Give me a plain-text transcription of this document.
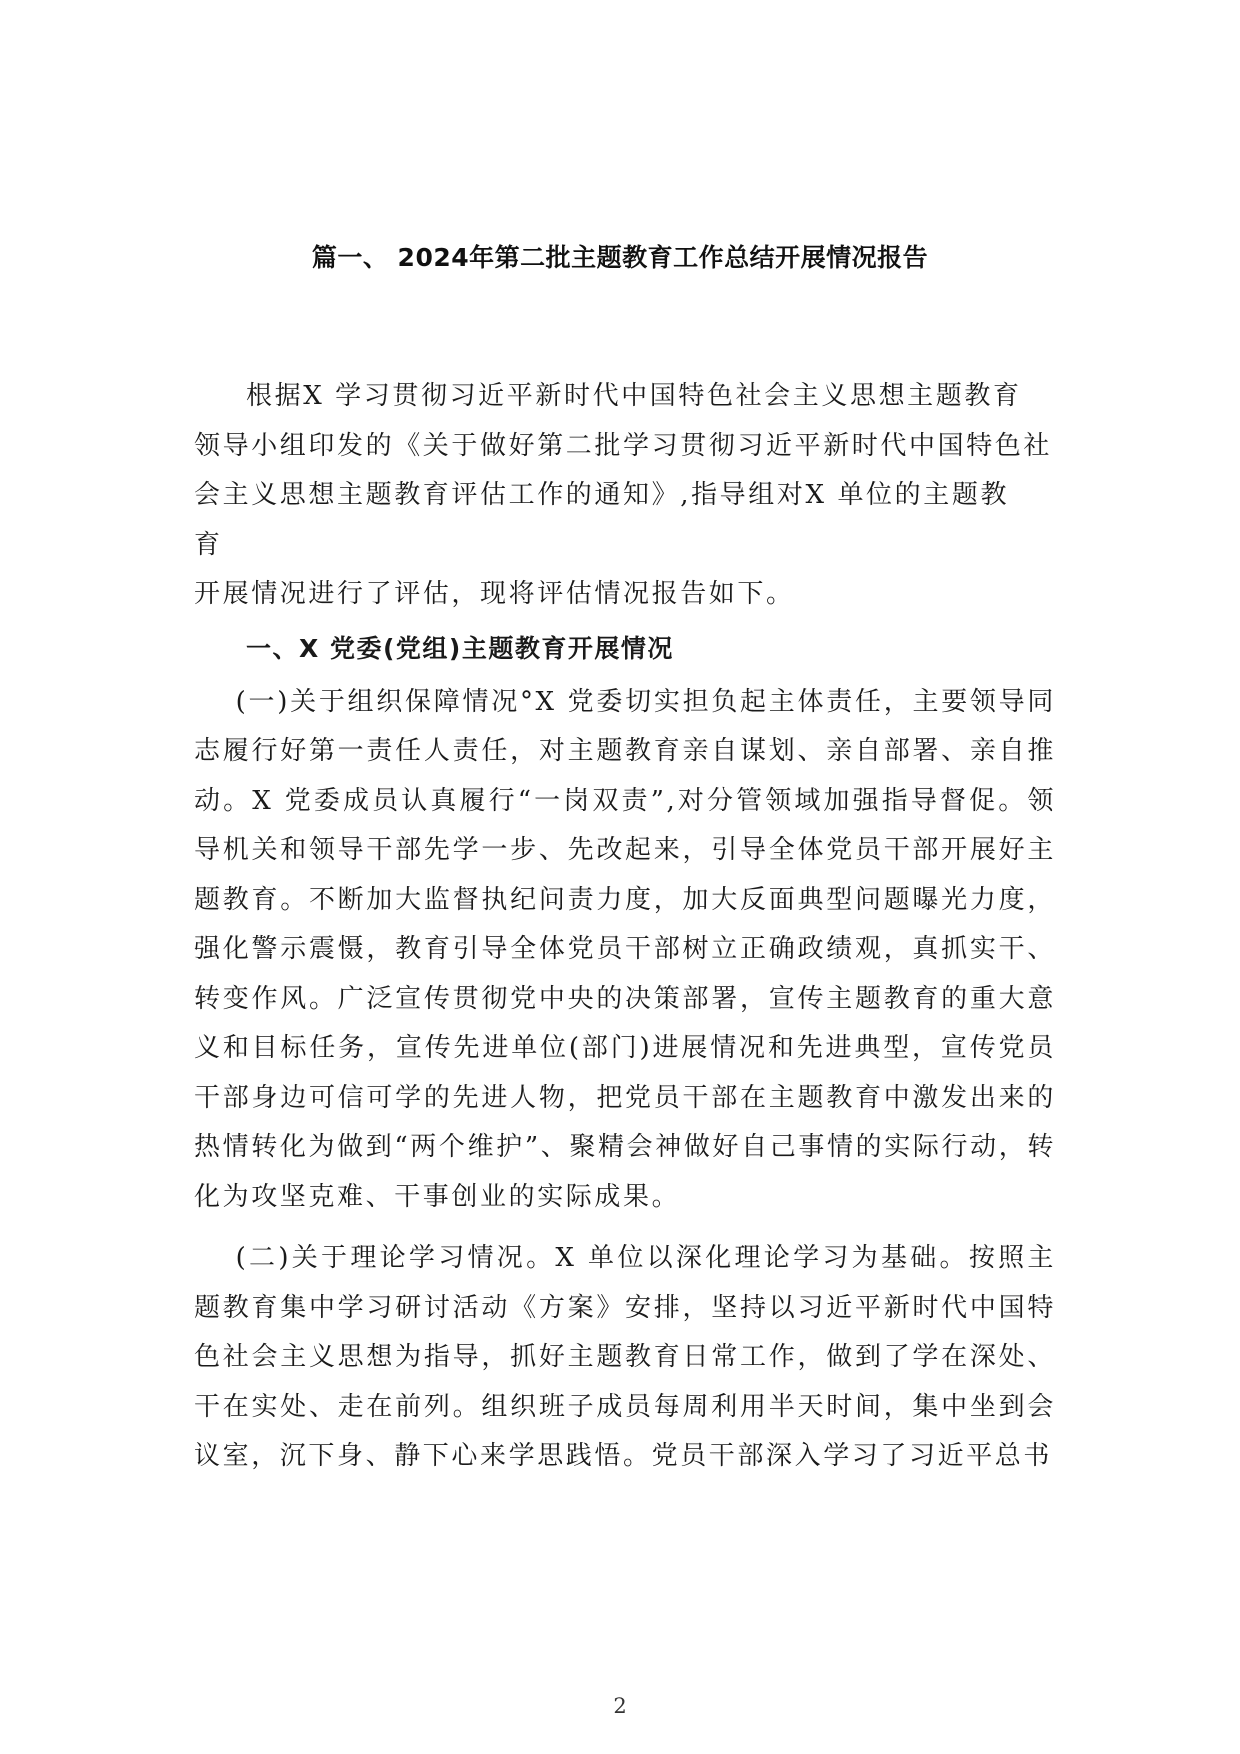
篇一、 2024年第二批主题教育工作总结开展情况报告
根据X 学习贯彻习近平新时代中国特色社会主义思想主题教育
领导小组印发的《关于做好第二批学习贯彻习近平新时代中国特色社
会主义思想主题教育评估工作的通知》,指导组对X 单位的主题教
育
开展情况进行了评估，现将评估情况报告如下。
一、X 党委(党组)主题教育开展情况

(一)关于组织保障情况°X 党委切实担负起主体责任，主要领导同志履行好第一责任人责任，对主题教育亲自谋划、亲自部署、亲自推动。X 党委成员认真履行“一岗双责”,对分管领域加强指导督促。领导机关和领导干部先学一步、先改起来，引导全体党员干部开展好主题教育。不断加大监督执纪问责力度，加大反面典型问题曝光力度，强化警示震慑，教育引导全体党员干部树立正确政绩观，真抓实干、转变作风。广泛宣传贯彻党中央的决策部署，宣传主题教育的重大意义和目标任务，宣传先进单位(部门)进展情况和先进典型，宣传党员干部身边可信可学的先进人物，把党员干部在主题教育中激发出来的热情转化为做到“两个维护”、聚精会神做好自己事情的实际行动，转化为攻坚克难、干事创业的实际成果。

(二)关于理论学习情况。X 单位以深化理论学习为基础。按照主题教育集中学习研讨活动《方案》安排，坚持以习近平新时代中国特色社会主义思想为指导，抓好主题教育日常工作，做到了学在深处、干在实处、走在前列。组织班子成员每周利用半天时间，集中坐到会议室，沉下身、静下心来学思践悟。党员干部深入学习了习近平总书

2
